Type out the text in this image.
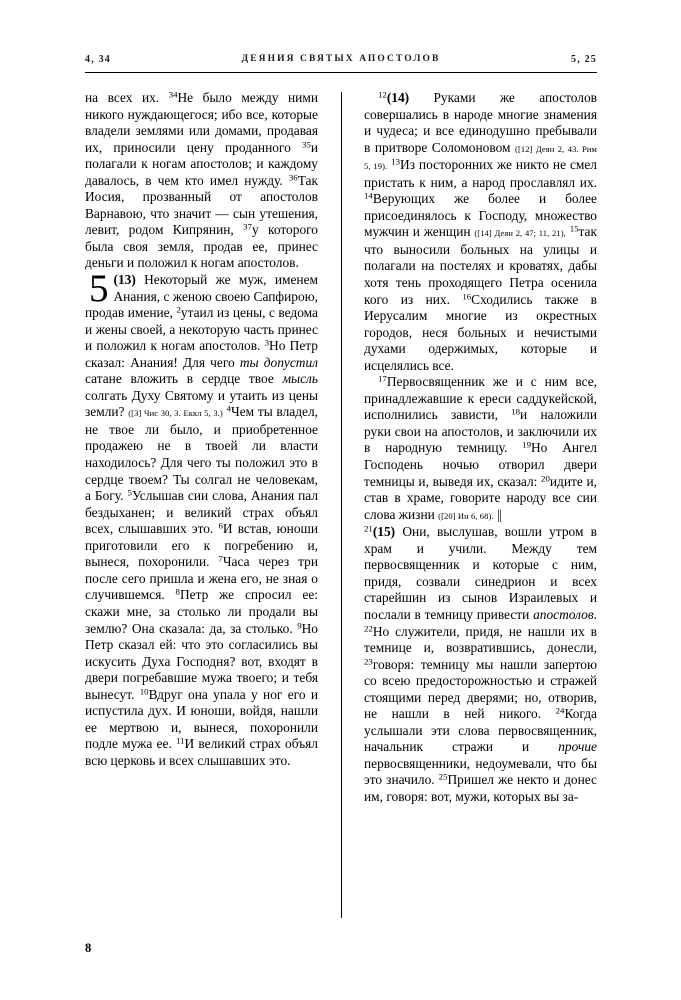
4, 34	ДЕЯНИЯ СВЯТЫХ АПОСТОЛОВ	5, 25

на всех их. $^{34}$Не было между ними никого нуждающегося; ибо все, которые владели землями или домами, продавая их, приносили цену проданного $^{35}$и полагали к ногам апостолов; и каждому давалось, в чем кто имел нужду. $^{36}$Так Иосия, прозванный от апостолов Варнавою, что значит — сын утешения, левит, родом Кипрянин, $^{37}$у которого была своя земля, продав ее, принес деньги и положил к ногам апостолов.

5 (13) Некоторый же муж, именем Анания, с женою своею Сапфирою, продав имение, $^2$утаил из цены, с ведома и жены своей, а некоторую часть принес и положил к ногам апостолов. $^3$Но Петр сказал: Анания! Для чего ты допустил сатане вложить в сердце твое мысль солгать Духу Святому и утаить из цены земли? ([3] Чис 30, 3. Еккл 5, 3.) $^4$Чем ты владел, не твое ли было, и приобретенное продажею не в твоей ли власти находилось? Для чего ты положил это в сердце твоем? Ты солгал не человекам, а Богу. $^5$Услышав сии слова, Анания пал бездыханен; и великий страх объял всех, слышавших это. $^6$И встав, юноши приготовили его к погребению и, вынеся, похоронили. $^7$Часа через три после сего пришла и жена его, не зная о случившемся. $^8$Петр же спросил ее: скажи мне, за столько ли продали вы землю? Она сказала: да, за столько. $^9$Но Петр сказал ей: что это согласились вы искусить Духа Господня? вот, входят в двери погребавшие мужа твоего; и тебя вынесут. $^{10}$Вдруг она упала у ног его и испустила дух. И юноши, войдя, нашли ее мертвою и, вынеся, похоронили подле мужа ее. $^{11}$И великий страх объял всю церковь и всех слышавших это.

$^{12}$(14) Руками же апостолов совершались в народе многие знамения и чудеса; и все единодушно пребывали в притворе Соломоновом ([12] Деян 2, 43. Рим 5, 19). $^{13}$Из посторонних же никто не смел пристать к ним, а народ прославлял их. $^{14}$Верующих же более и более присоединялось к Господу, множество мужчин и женщин ([14] Деян 2, 47; 11, 21), $^{15}$так что выносили больных на улицы и полагали на постелях и кроватях, дабы хотя тень проходящего Петра осенила кого из них. $^{16}$Сходились также в Иерусалим многие из окрестных городов, неся больных и нечистыми духами одержимых, которые и исцелялись все.

$^{17}$Первосвященник же и с ним все, принадлежавшие к ереси саддукейской, исполнились зависти, $^{18}$и наложили руки свои на апостолов, и заключили их в народную темницу. $^{19}$Но Ангел Господень ночью отворил двери темницы и, выведя их, сказал: $^{20}$идите и, став в храме, говорите народу все сии слова жизни ([20] Ин 6, 68). ||

$^{21}$(15) Они, выслушав, вошли утром в храм и учили. Между тем первосвященник и которые с ним, придя, созвали синедрион и всех старейшин из сынов Израилевых и послали в темницу привести апостолов. $^{22}$Но служители, придя, не нашли их в темнице и, возвратившись, донесли, $^{23}$говоря: темницу мы нашли запертою со всею предосторожностью и стражей стоящими перед дверями; но, отворив, не нашли в ней никого. $^{24}$Когда услышали эти слова первосвященник, начальник стражи и прочие первосвященники, недоумевали, что бы это значило. $^{25}$Пришел же некто и донес им, говоря: вот, мужи, которых вы за-

8
